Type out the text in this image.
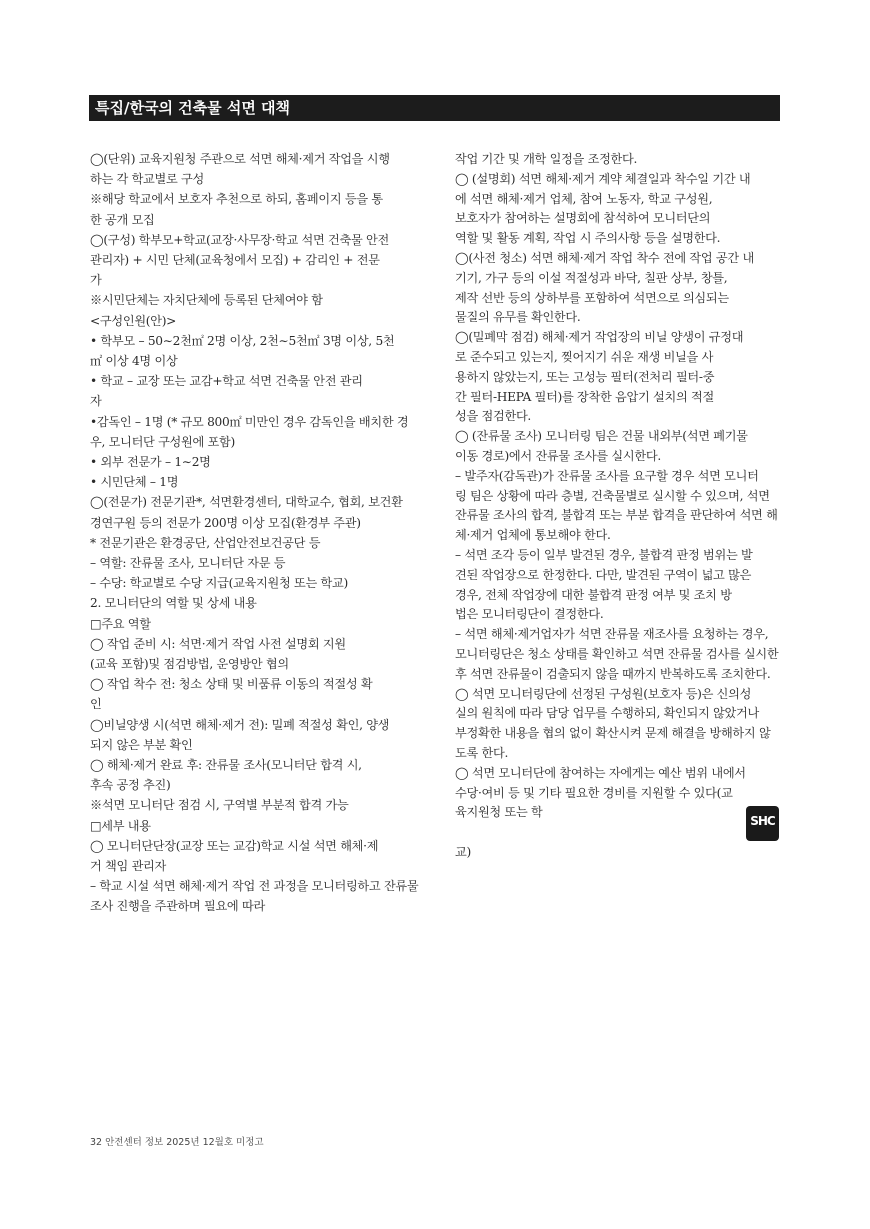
특집/한국의 건축물 석면 대책
◯(단위) 교육지원청 주관으로 석면 해체·제거 작업을 시행
하는 각 학교별로 구성
※해당 학교에서 보호자 추천으로 하되, 홈페이지 등을 통
한 공개 모집
◯(구성) 학부모+학교(교장·사무장·학교 석면 건축물 안전
관리자) + 시민 단체(교육청에서 모집) + 감리인 + 전문
가
※시민단체는 자치단체에 등록된 단체여야 함
<구성인원(안)>
• 학부모 – 50∼2천㎡ 2명 이상, 2천∼5천㎡ 3명 이상, 5천
㎡ 이상 4명 이상
• 학교 – 교장 또는 교감+학교 석면 건축물 안전 관리
자
•감독인 – 1명 (* 규모 800㎡ 미만인 경우 감독인을 배치한 경
우, 모니터단 구성원에 포함)
• 외부 전문가 – 1∼2명
• 시민단체 – 1명
◯(전문가) 전문기관*, 석면환경센터, 대학교수, 협회, 보건환
경연구원 등의 전문가 200명 이상 모집(환경부 주관)
* 전문기관은 환경공단, 산업안전보건공단 등
– 역할: 잔류물 조사, 모니터단 자문 등
– 수당: 학교별로 수당 지급(교육지원청 또는 학교)
2. 모니터단의 역할 및 상세 내용
□주요 역할
◯ 작업 준비 시: 석면·제거 작업 사전 설명회 지원
(교육 포함)및 점검방법, 운영방안 협의
◯ 작업 착수 전: 청소 상태 및 비품류 이동의 적절성 확
인
◯비닐양생 시(석면 해체·제거 전): 밀폐 적절성 확인, 양생
되지 않은 부분 확인
◯ 해체·제거 완료 후: 잔류물 조사(모니터단 합격 시,
후속 공정 추진)
※석면 모니터단 점검 시, 구역별 부분적 합격 가능
□세부 내용
◯ 모니터단단장(교장 또는 교감)학교 시설 석면 해체·제
거 책임 관리자
– 학교 시설 석면 해체·제거 작업 전 과정을 모니터링하고 잔류물
조사 진행을 주관하며 필요에 따라
작업 기간 및 개학 일정을 조정한다.
◯ (설명회) 석면 해체·제거 계약 체결일과 착수일 기간 내
에 석면 해체·제거 업체, 참여 노동자, 학교 구성원,
보호자가 참여하는 설명회에 참석하여 모니터단의
역할 및 활동 계획, 작업 시 주의사항 등을 설명한다.
◯(사전 청소) 석면 해체·제거 작업 착수 전에 작업 공간 내
기기, 가구 등의 이설 적절성과 바닥, 칠판 상부, 창틀,
제작 선반 등의 상하부를 포함하여 석면으로 의심되는
물질의 유무를 확인한다.
◯(밀폐막 점검) 해체·제거 작업장의 비닐 양생이 규정대
로 준수되고 있는지, 찢어지기 쉬운 재생 비닐을 사
용하지 않았는지, 또는 고성능 필터(전처리 필터-중
간 필터-HEPA 필터)를 장착한 음압기 설치의 적절
성을 점검한다.
◯ (잔류물 조사) 모니터링 팀은 건물 내외부(석면 폐기물
이동 경로)에서 잔류물 조사를 실시한다.
– 발주자(감독관)가 잔류물 조사를 요구할 경우 석면 모니터
링 팀은 상황에 따라 층별, 건축물별로 실시할 수 있으며, 석면
잔류물 조사의 합격, 불합격 또는 부분 합격을 판단하여 석면 해
체·제거 업체에 통보해야 한다.
– 석면 조각 등이 일부 발견된 경우, 불합격 판정 범위는 발
견된 작업장으로 한정한다. 다만, 발견된 구역이 넓고 많은
경우, 전체 작업장에 대한 불합격 판정 여부 및 조치 방
법은 모니터링단이 결정한다.
– 석면 해체·제거업자가 석면 잔류물 재조사를 요청하는 경우,
모니터링단은 청소 상태를 확인하고 석면 잔류물 검사를 실시한
후 석면 잔류물이 검출되지 않을 때까지 반복하도록 조치한다.
◯ 석면 모니터링단에 선정된 구성원(보호자 등)은 신의성
실의 원칙에 따라 담당 업무를 수행하되, 확인되지 않았거나
부정확한 내용을 협의 없이 확산시켜 문제 해결을 방해하지 않
도록 한다.
◯ 석면 모니터단에 참여하는 자에게는 예산 범위 내에서
수당·여비 등 및 기타 필요한 경비를 지원할 수 있다(교
육지원청 또는 학
교)
SHC
32 안전센터 정보 2025년 12월호 미정고
